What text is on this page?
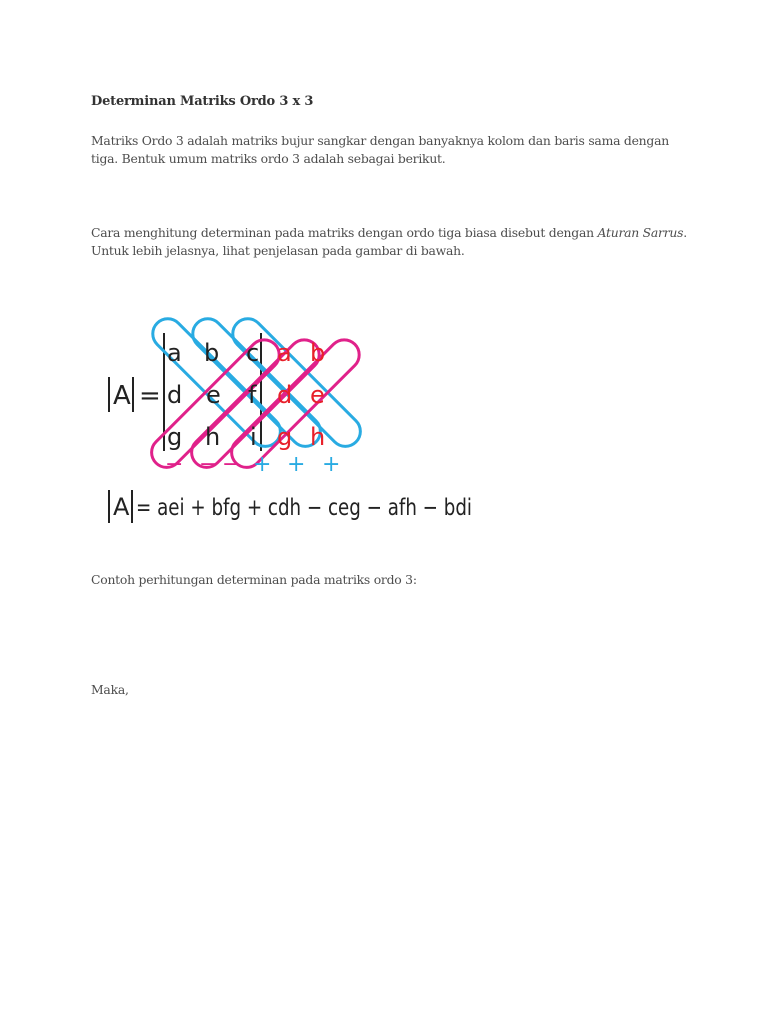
Determinan Matriks Ordo 3 x 3
Matriks Ordo 3 adalah matriks bujur sangkar dengan banyaknya kolom dan baris sama dengan tiga. Bentuk umum matriks ordo 3 adalah sebagai berikut.
Cara menghitung determinan pada matriks dengan ordo tiga biasa disebut dengan Aturan Sarrus. Untuk lebih jelasnya, lihat penjelasan pada gambar di bawah.
A =
a b c
d e f
g h i
a b
d e
g h
− − − + + +
A = aei + bfg + cdh − ceg − afh − bdi
Contoh perhitungan determinan pada matriks ordo 3:
Maka,
